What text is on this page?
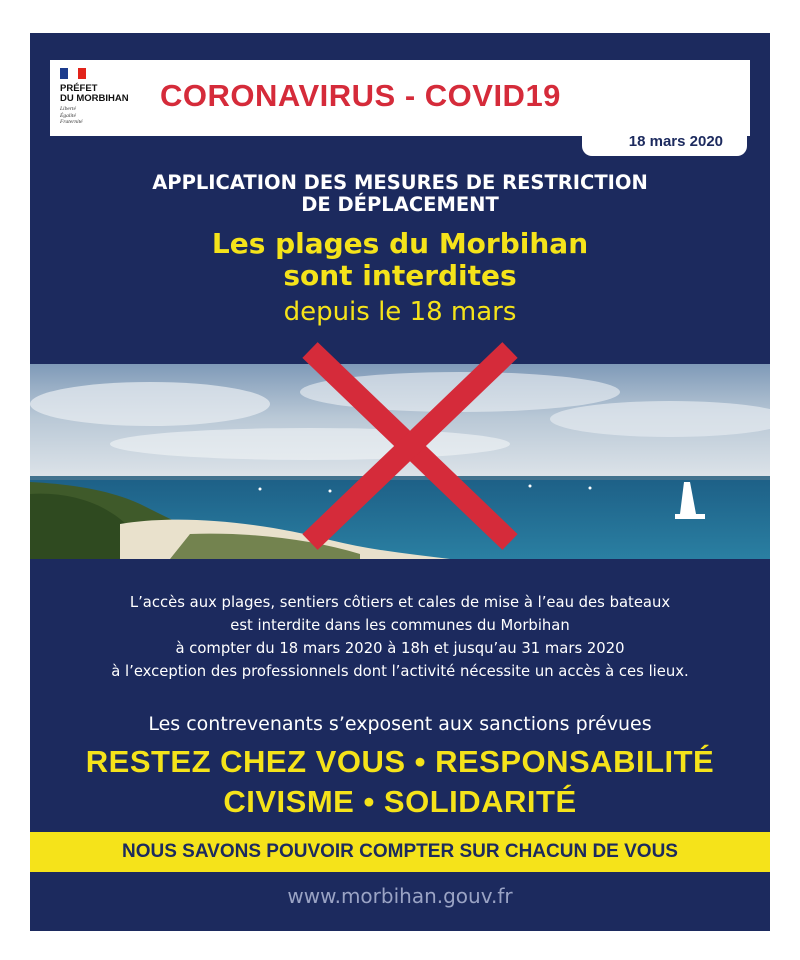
PRÉFET
DU MORBIHAN
Liberté
Égalité
Fraternité
CORONAVIRUS - COVID19
18 mars 2020
APPLICATION DES MESURES DE RESTRICTION
DE DÉPLACEMENT
Les plages du Morbihan
sont interdites
depuis le 18 mars
L’accès aux plages, sentiers côtiers et cales de mise à l’eau des bateaux
est interdite dans les communes du Morbihan
à compter du 18 mars 2020 à 18h et jusqu’au 31 mars 2020
à l’exception des professionnels dont l’activité nécessite un accès à ces lieux.
Les contrevenants s’exposent aux sanctions prévues
RESTEZ CHEZ VOUS • RESPONSABILITÉ
CIVISME • SOLIDARITÉ
NOUS SAVONS POUVOIR COMPTER SUR CHACUN DE VOUS
www.morbihan.gouv.fr
